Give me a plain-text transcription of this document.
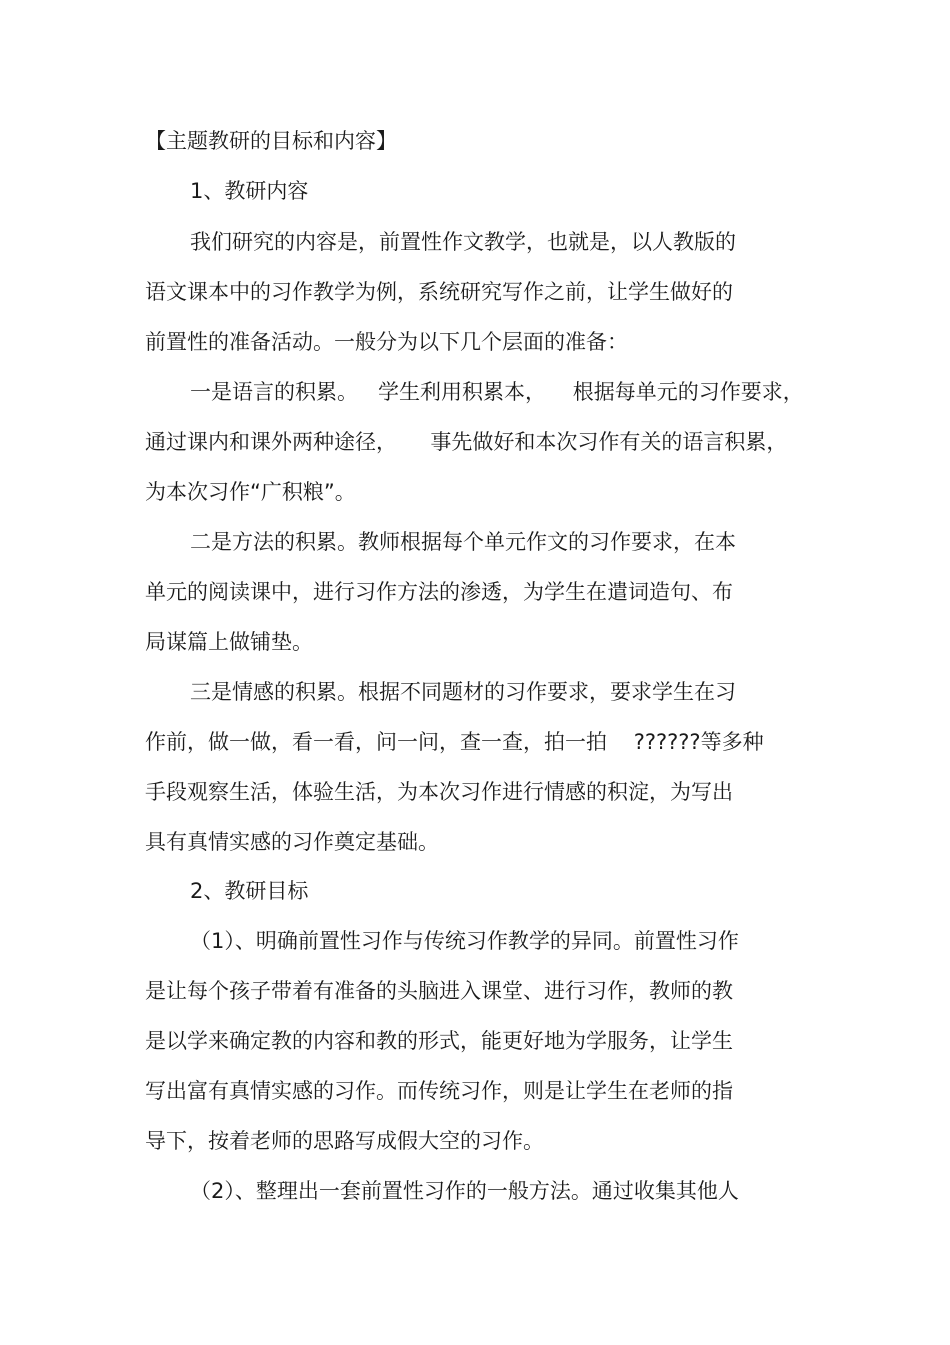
【主题教研的目标和内容】

1、教研内容

我们研究的内容是，前置性作文教学，也就是，以人教版的

语文课本中的习作教学为例，系统研究写作之前，让学生做好的

前置性的准备活动。一般分为以下几个层面的准备：

一是语言的积累。   学生利用积累本，    根据每单元的习作要求，

通过课内和课外两种途径，     事先做好和本次习作有关的语言积累，

为本次习作“广积粮”。

二是方法的积累。教师根据每个单元作文的习作要求，在本

单元的阅读课中，进行习作方法的渗透，为学生在遣词造句、布

局谋篇上做铺垫。

三是情感的积累。根据不同题材的习作要求，要求学生在习

作前，做一做，看一看，问一问，查一查，拍一拍    ??????等多种

手段观察生活，体验生活，为本次习作进行情感的积淀，为写出

具有真情实感的习作奠定基础。

2、教研目标

（1）、明确前置性习作与传统习作教学的异同。前置性习作

是让每个孩子带着有准备的头脑进入课堂、进行习作，教师的教

是以学来确定教的内容和教的形式，能更好地为学服务，让学生

写出富有真情实感的习作。而传统习作，则是让学生在老师的指

导下，按着老师的思路写成假大空的习作。

（2）、整理出一套前置性习作的一般方法。通过收集其他人
